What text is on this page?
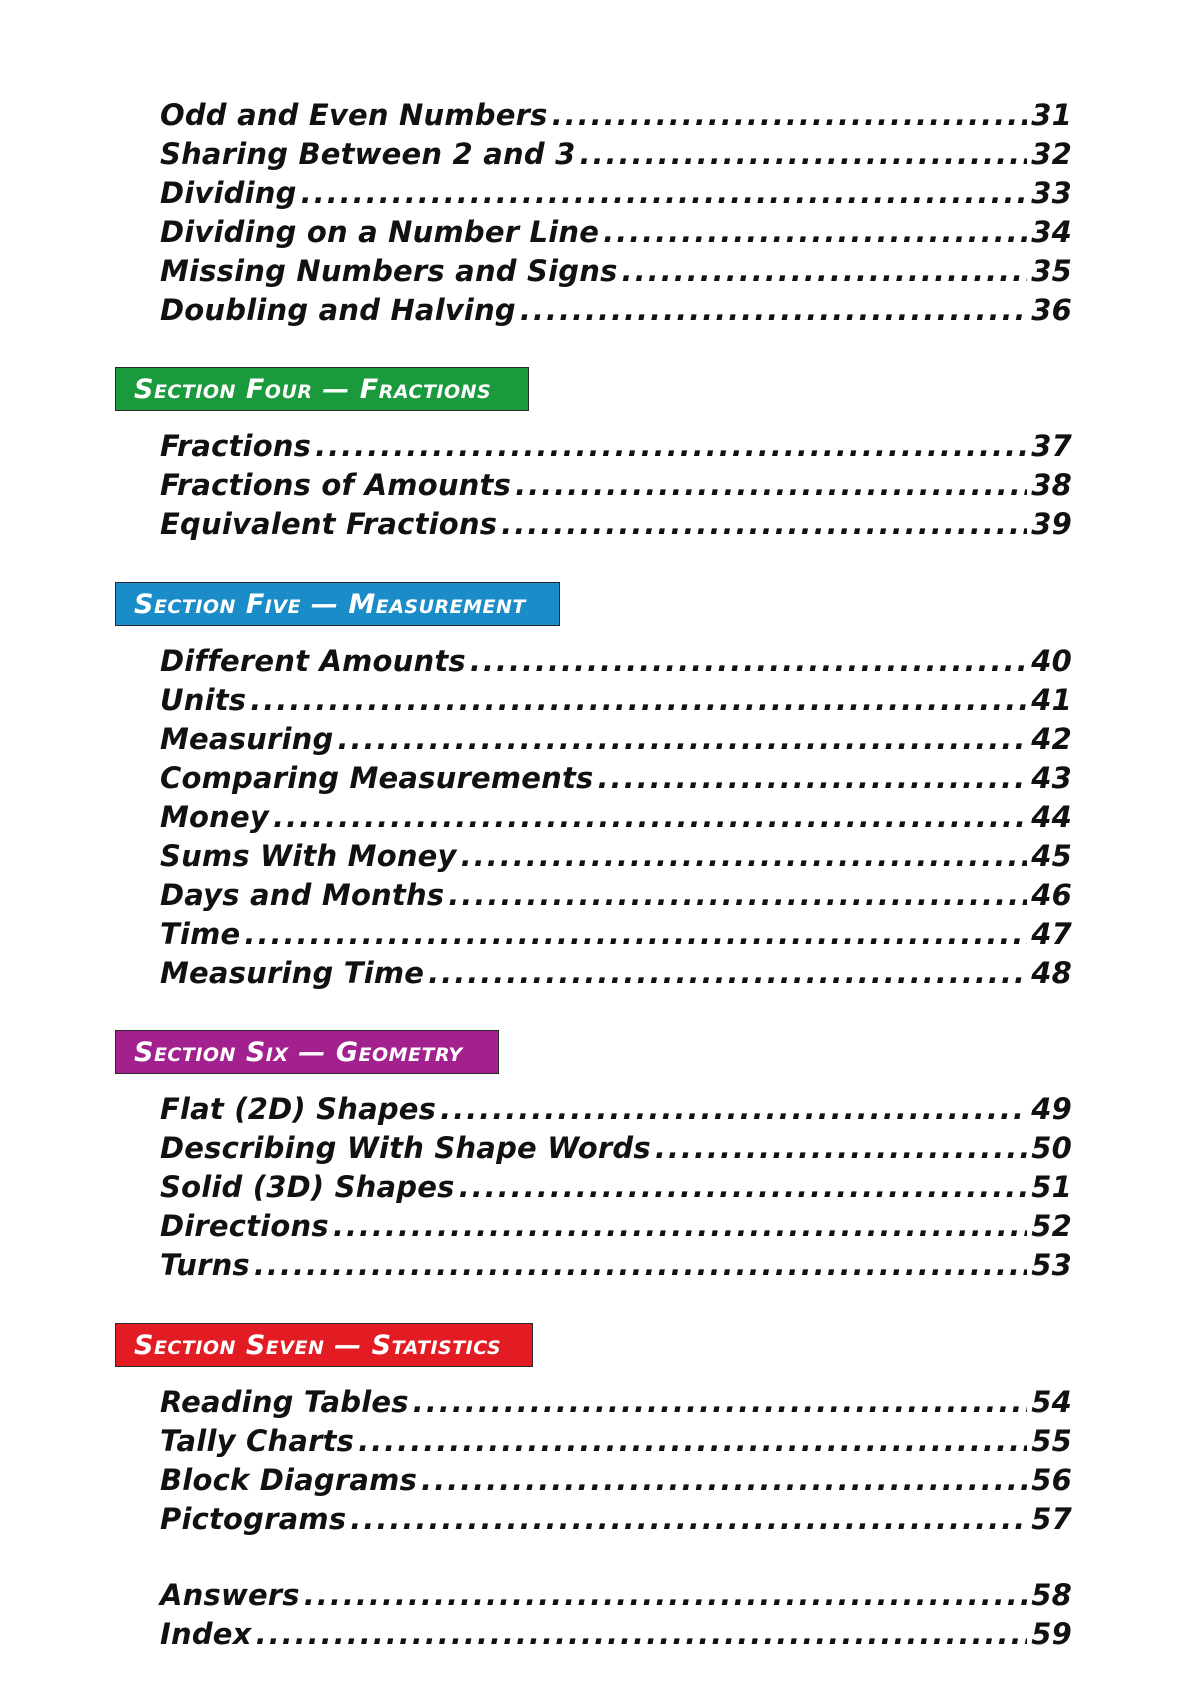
Odd and Even Numbers .....	31
Sharing Between 2 and 3 .....	32
Dividing .....	33
Dividing on a Number Line .....	34
Missing Numbers and Signs .....	35
Doubling and Halving .....	36
Section Four — Fractions
Fractions .....	37
Fractions of Amounts .....	38
Equivalent Fractions .....	39
Section Five — Measurement
Different Amounts .....	40
Units .....	41
Measuring .....	42
Comparing Measurements .....	43
Money .....	44
Sums With Money .....	45
Days and Months .....	46
Time .....	47
Measuring Time .....	48
Section Six — Geometry
Flat (2D) Shapes .....	49
Describing With Shape Words .....	50
Solid (3D) Shapes .....	51
Directions .....	52
Turns .....	53
Section Seven — Statistics
Reading Tables .....	54
Tally Charts .....	55
Block Diagrams .....	56
Pictograms .....	57
Answers .....	58
Index .....	59
